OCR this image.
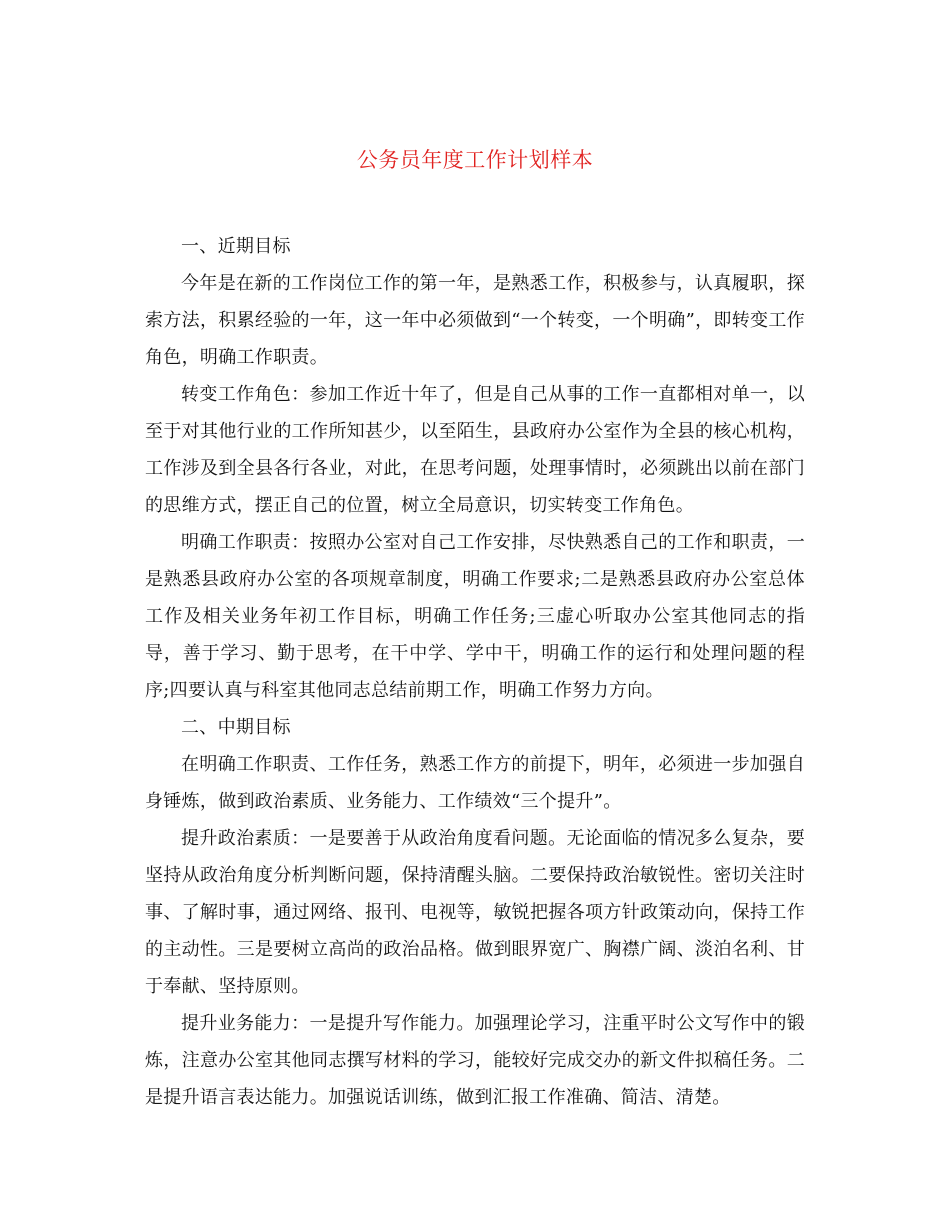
公务员年度工作计划样本

一、近期目标

今年是在新的工作岗位工作的第一年，是熟悉工作，积极参与，认真履职，探索方法，积累经验的一年，这一年中必须做到“一个转变，一个明确”，即转变工作角色，明确工作职责。

转变工作角色：参加工作近十年了，但是自己从事的工作一直都相对单一，以至于对其他行业的工作所知甚少，以至陌生，县政府办公室作为全县的核心机构，工作涉及到全县各行各业，对此，在思考问题，处理事情时，必须跳出以前在部门的思维方式，摆正自己的位置，树立全局意识，切实转变工作角色。

明确工作职责：按照办公室对自己工作安排，尽快熟悉自己的工作和职责，一是熟悉县政府办公室的各项规章制度，明确工作要求;二是熟悉县政府办公室总体工作及相关业务年初工作目标，明确工作任务;三虚心听取办公室其他同志的指导，善于学习、勤于思考，在干中学、学中干，明确工作的运行和处理问题的程序;四要认真与科室其他同志总结前期工作，明确工作努力方向。

二、中期目标

在明确工作职责、工作任务，熟悉工作方的前提下，明年，必须进一步加强自身锤炼，做到政治素质、业务能力、工作绩效“三个提升”。

提升政治素质：一是要善于从政治角度看问题。无论面临的情况多么复杂，要坚持从政治角度分析判断问题，保持清醒头脑。二要保持政治敏锐性。密切关注时事、了解时事，通过网络、报刊、电视等，敏锐把握各项方针政策动向，保持工作的主动性。三是要树立高尚的政治品格。做到眼界宽广、胸襟广阔、淡泊名利、甘于奉献、坚持原则。

提升业务能力：一是提升写作能力。加强理论学习，注重平时公文写作中的锻炼，注意办公室其他同志撰写材料的学习，能较好完成交办的新文件拟稿任务。二是提升语言表达能力。加强说话训练，做到汇报工作准确、简洁、清楚。
